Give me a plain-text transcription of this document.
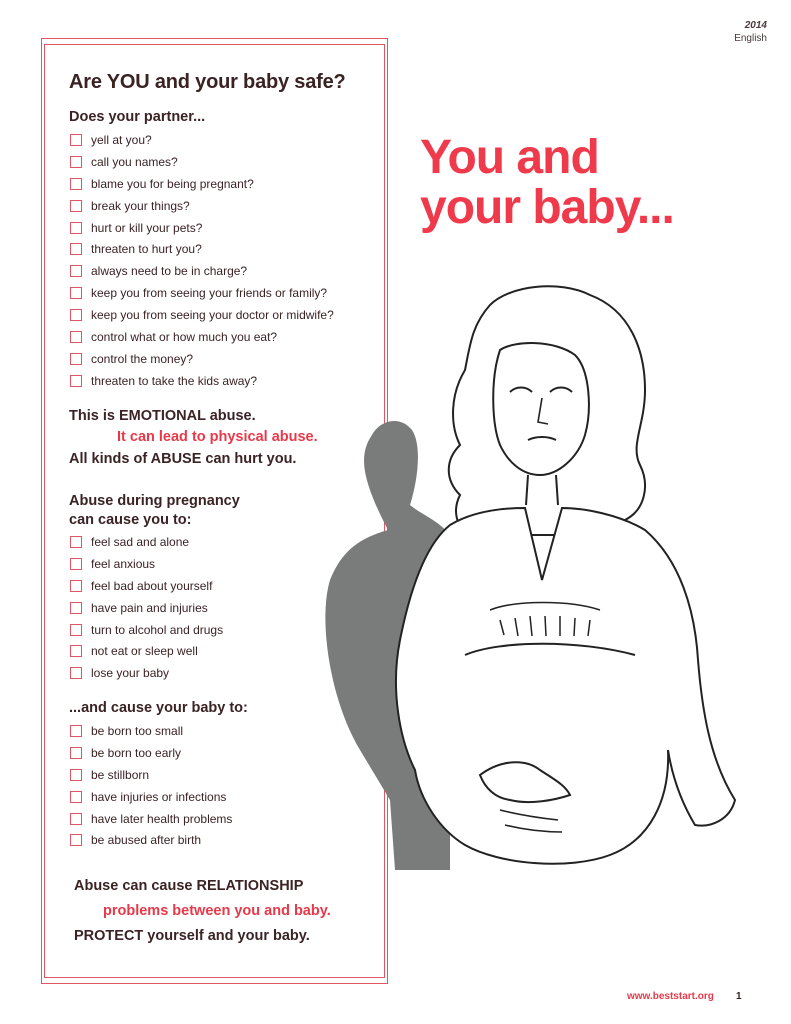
2014
English
Are YOU and your baby safe?
Does your partner...
yell at you?
call you names?
blame you for being pregnant?
break your things?
hurt or kill your pets?
threaten to hurt you?
always need to be in charge?
keep you from seeing your friends or family?
keep you from seeing your doctor or midwife?
control what or how much you eat?
control the money?
threaten to take the kids away?
This is EMOTIONAL abuse.
It can lead to physical abuse.
All kinds of ABUSE can hurt you.
Abuse during pregnancy
can cause you to:
feel sad and alone
feel anxious
feel bad about yourself
have pain and injuries
turn to alcohol and drugs
not eat or sleep well
lose your baby
...and cause your baby to:
be born too small
be born too early
be stillborn
have injuries or infections
have later health problems
be abused after birth
Abuse can cause RELATIONSHIP
problems between you and baby.
PROTECT yourself and your baby.
You and
your baby...
www.beststart.org 1
